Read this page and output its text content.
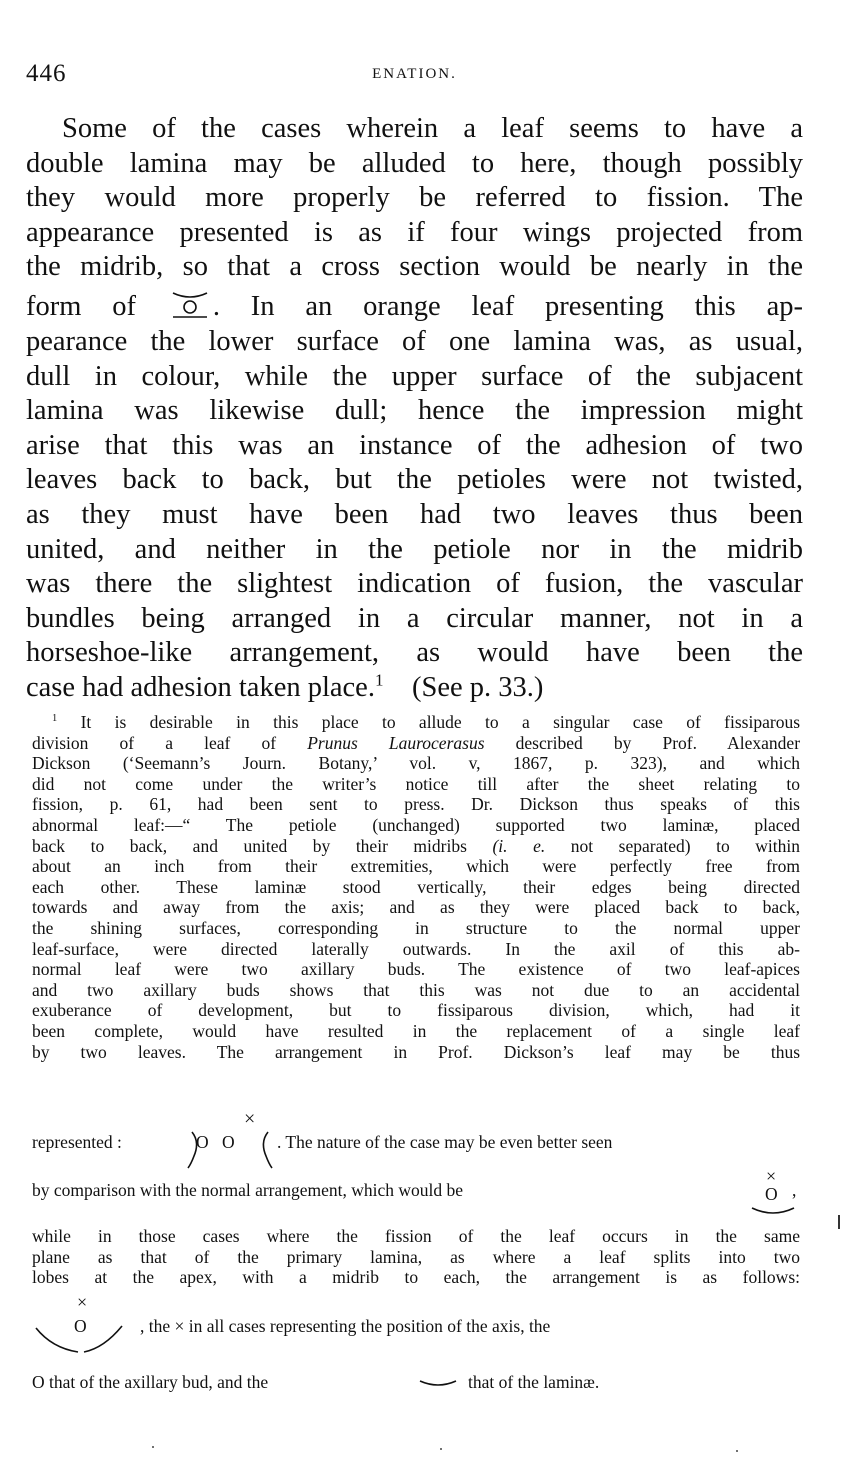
446	ENATION.
Some of the cases wherein a leaf seems to have a
double lamina may be alluded to here, though possibly
they would more properly be referred to fission. The
appearance presented is as if four wings projected from
the midrib, so that a cross section would be nearly in the
form of	. In an orange leaf presenting this ap-
pearance the lower surface of one lamina was, as usual,
dull in colour, while the upper surface of the subjacent
lamina was likewise dull; hence the impression might
arise that this was an instance of the adhesion of two
leaves back to back, but the petioles were not twisted,
as they must have been had two leaves thus been
united, and neither in the petiole nor in the midrib
was there the slightest indication of fusion, the vascular
bundles being arranged in a circular manner, not in a
horseshoe-like arrangement, as would have been the
case had adhesion taken place.$^1$ (See p. 33.)
$^1$ It is desirable in this place to allude to a singular case of fissiparous
division of a leaf of Prunus Laurocerasus described by Prof. Alexander
Dickson (‘Seemann’s Journ. Botany,’ vol. v, 1867, p. 323), and which
did not come under the writer’s notice till after the sheet relating to
fission, p. 61, had been sent to press. Dr. Dickson thus speaks of this
abnormal leaf:—“ The petiole (unchanged) supported two laminæ, placed
back to back, and united by their midribs (i. e. not separated) to within
about an inch from their extremities, which were perfectly free from
each other. These laminæ stood vertically, their edges being directed
towards and away from the axis; and as they were placed back to back,
the shining surfaces, corresponding in structure to the normal upper
leaf-surface, were directed laterally outwards. In the axil of this ab-
normal leaf were two axillary buds. The existence of two leaf-apices
and two axillary buds shows that this was not due to an accidental
exuberance of development, but to fissiparous division, which, had it
been complete, would have resulted in the replacement of a single leaf
by two leaves. The arrangement in Prof. Dickson’s leaf may be thus
×
represented :	O O . The nature of the case may be even better seen
by comparison with the normal arrangement, which would be
×
O ,
while in those cases where the fission of the leaf occurs in the same
plane as that of the primary lamina, as where a leaf splits into two
lobes at the apex, with a midrib to each, the arrangement is as follows:
×
O	, the × in all cases representing the position of the axis, the
O that of the axillary bud, and the	that of the laminæ.
